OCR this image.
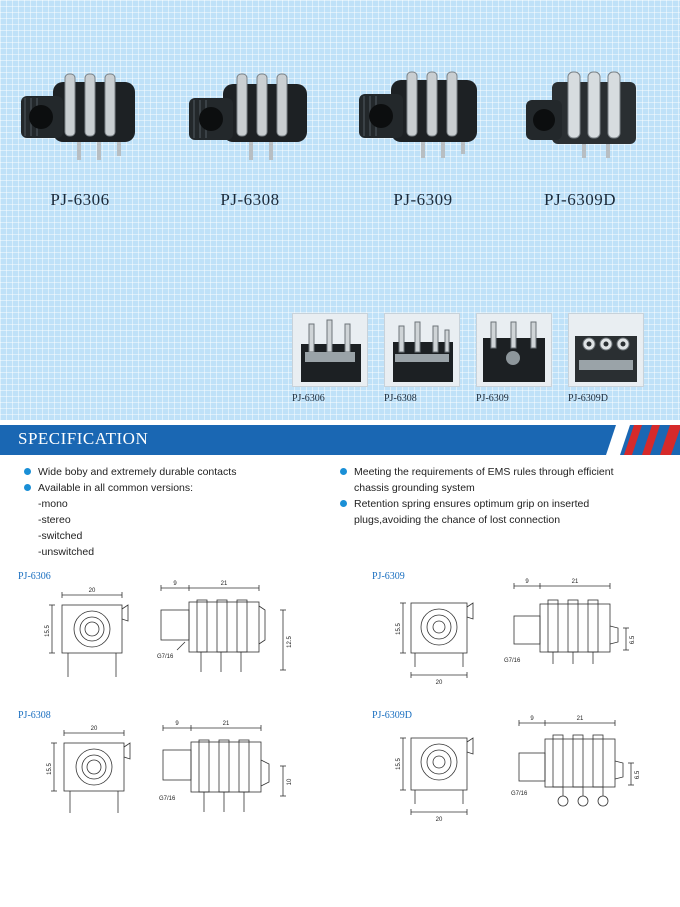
PJ-6306	PJ-6308	PJ-6309	PJ-6309D
PJ-6306	PJ-6308	PJ-6309	PJ-6309D
SPECIFICATION
Wide boby and extremely durable contacts
Available in all common versions:
-mono
-stereo
-switched
-unswitched
Meeting the requirements of EMS rules through efficient
chassis grounding system
Retention spring ensures optimum grip on inserted
plugs,avoiding the chance of lost connection
PJ-6306	PJ-6309
PJ-6308	PJ-6309D
20
15.5
9	21
12.5
G7/16
15.5
20
9	21
6.5
G7/16
20
15.5
9	21
10
G7/16
15.5
20
9	21
6.5
G7/16
